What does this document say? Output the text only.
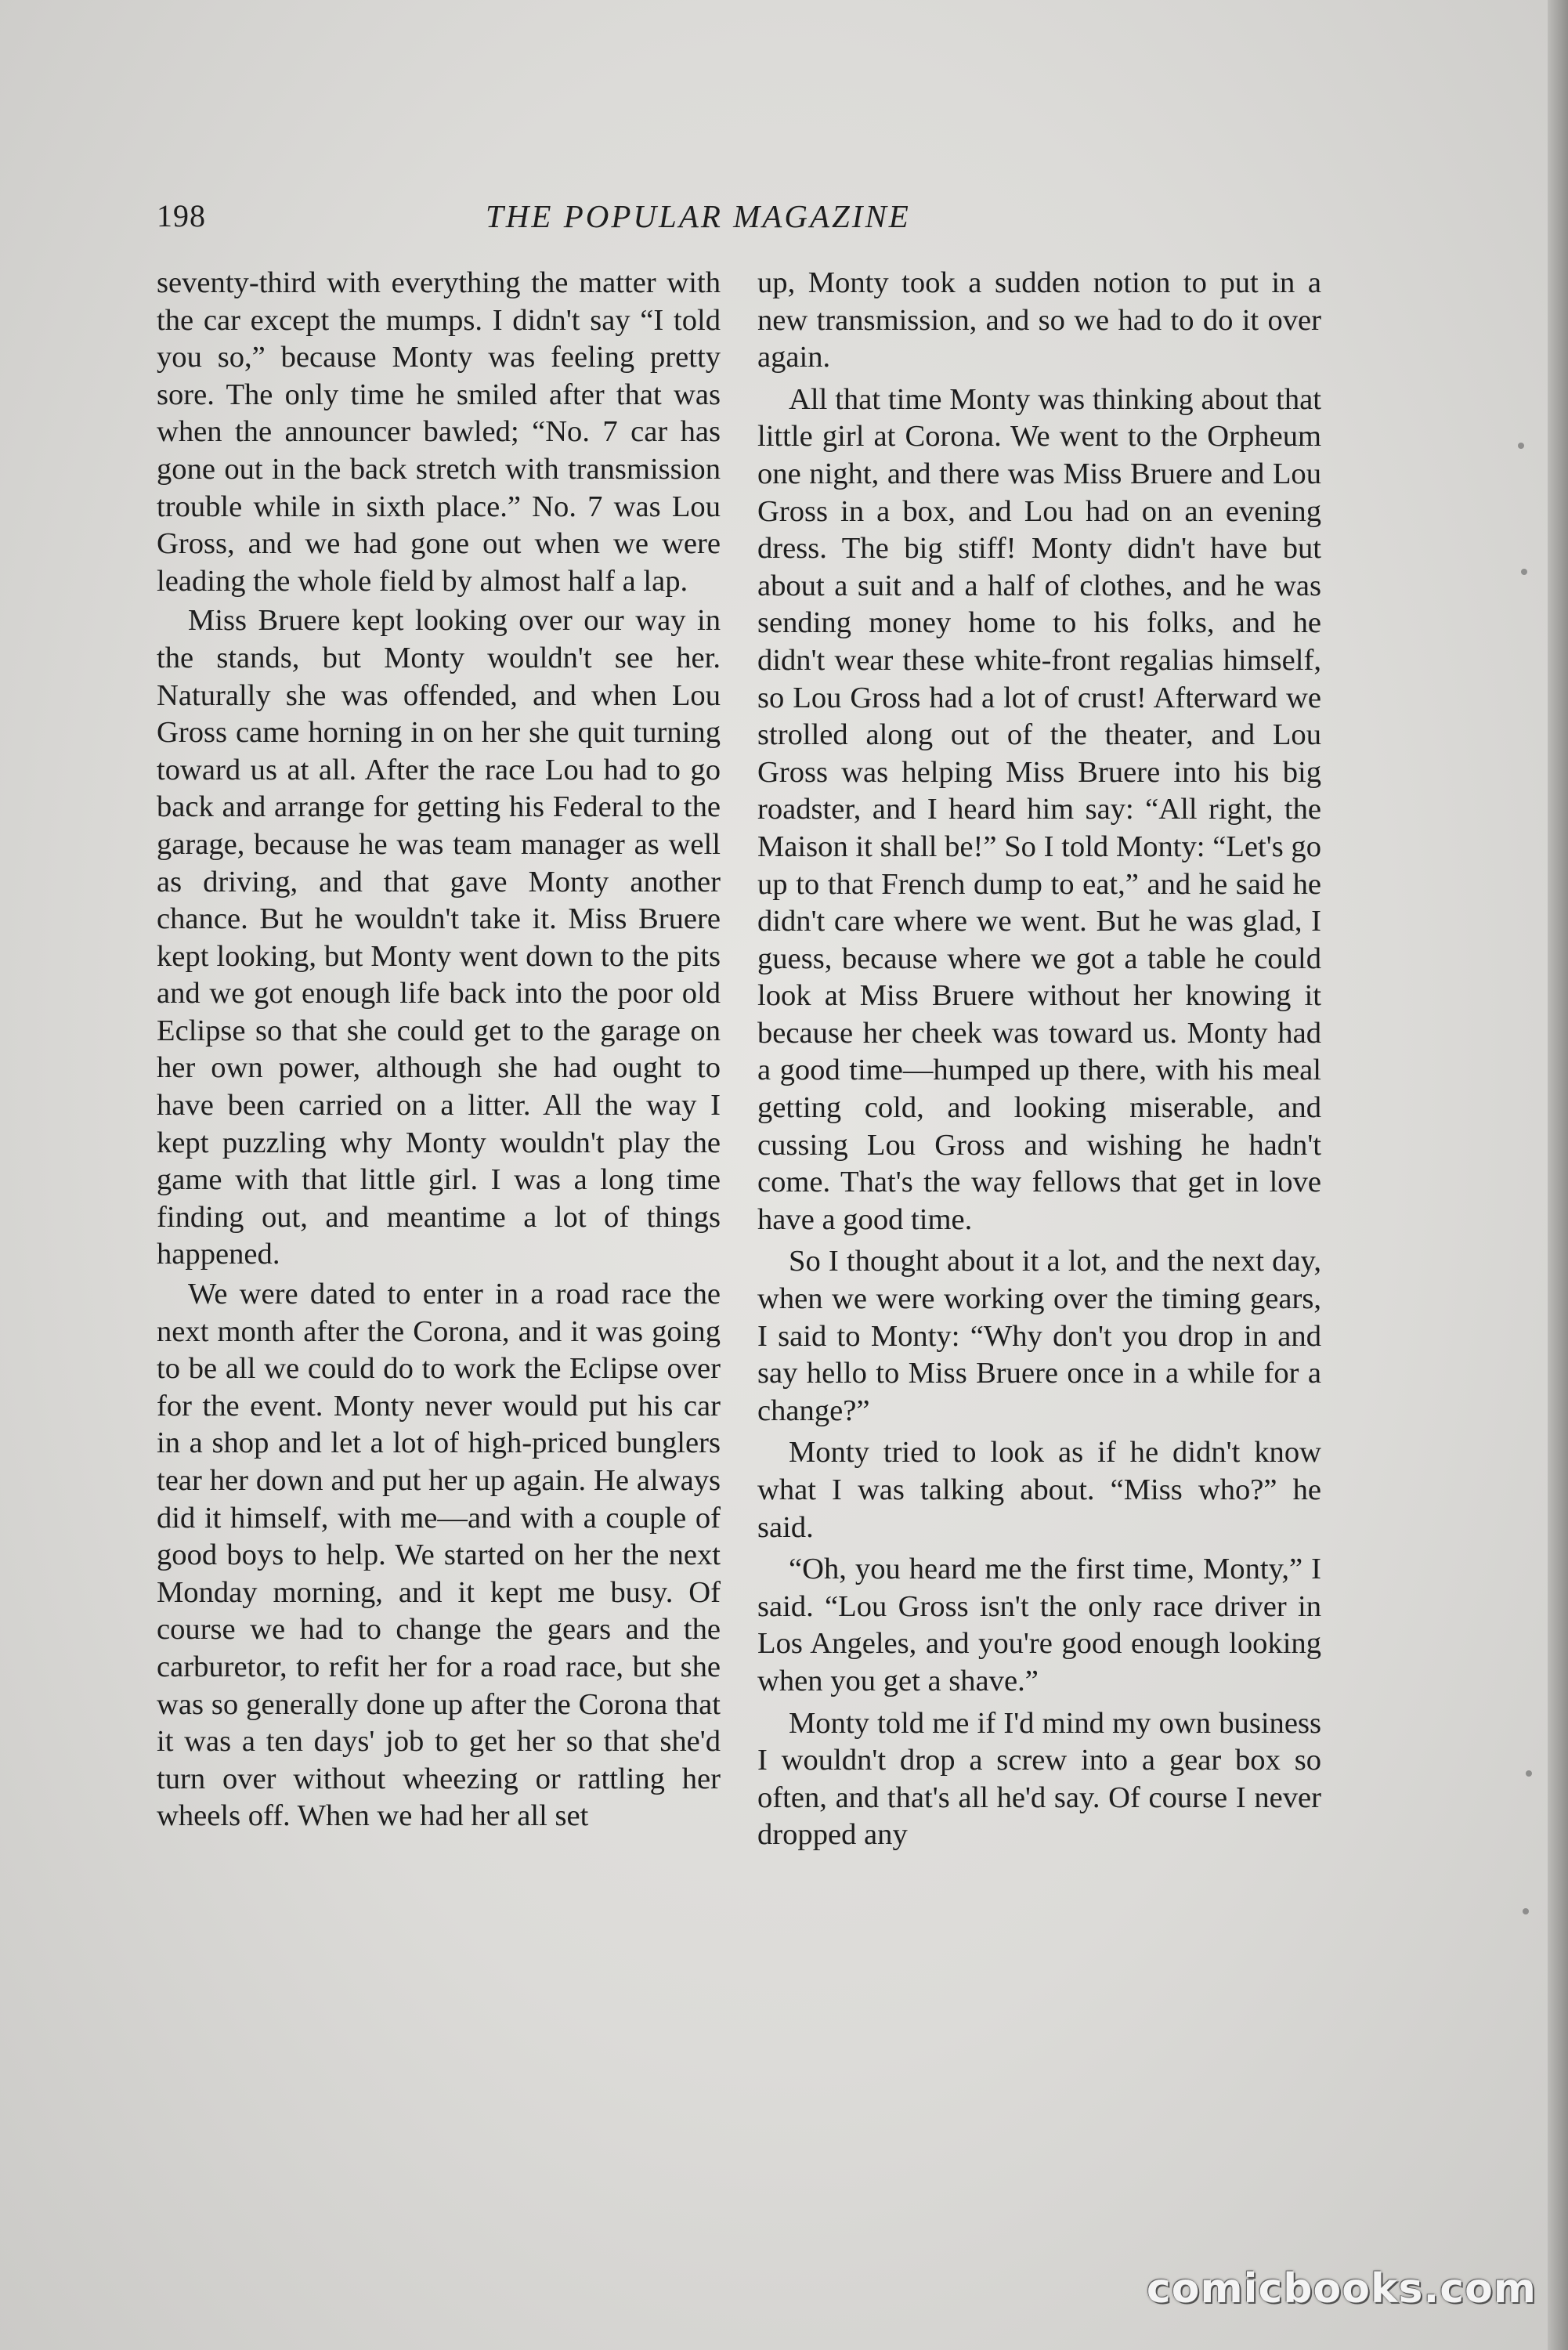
198	THE POPULAR MAGAZINE

seventy-third with everything the matter with the car except the mumps. I didn't say “I told you so,” because Monty was feeling pretty sore. The only time he smiled after that was when the announcer bawled; “No. 7 car has gone out in the back stretch with transmission trouble while in sixth place.” No. 7 was Lou Gross, and we had gone out when we were leading the whole field by almost half a lap.

Miss Bruere kept looking over our way in the stands, but Monty wouldn't see her. Naturally she was offended, and when Lou Gross came horning in on her she quit turning toward us at all. After the race Lou had to go back and arrange for getting his Federal to the garage, because he was team manager as well as driving, and that gave Monty another chance. But he wouldn't take it. Miss Bruere kept looking, but Monty went down to the pits and we got enough life back into the poor old Eclipse so that she could get to the garage on her own power, although she had ought to have been carried on a litter. All the way I kept puzzling why Monty wouldn't play the game with that little girl. I was a long time finding out, and meantime a lot of things happened.

We were dated to enter in a road race the next month after the Corona, and it was going to be all we could do to work the Eclipse over for the event. Monty never would put his car in a shop and let a lot of high-priced bunglers tear her down and put her up again. He always did it himself, with me—and with a couple of good boys to help. We started on her the next Monday morning, and it kept me busy. Of course we had to change the gears and the carburetor, to refit her for a road race, but she was so generally done up after the Corona that it was a ten days' job to get her so that she'd turn over without wheezing or rattling her wheels off. When we had her all set

up, Monty took a sudden notion to put in a new transmission, and so we had to do it over again.

All that time Monty was thinking about that little girl at Corona. We went to the Orpheum one night, and there was Miss Bruere and Lou Gross in a box, and Lou had on an evening dress. The big stiff! Monty didn't have but about a suit and a half of clothes, and he was sending money home to his folks, and he didn't wear these white-front regalias himself, so Lou Gross had a lot of crust! Afterward we strolled along out of the theater, and Lou Gross was helping Miss Bruere into his big roadster, and I heard him say: “All right, the Maison it shall be!” So I told Monty: “Let's go up to that French dump to eat,” and he said he didn't care where we went. But he was glad, I guess, because where we got a table he could look at Miss Bruere without her knowing it because her cheek was toward us. Monty had a good time—humped up there, with his meal getting cold, and looking miserable, and cussing Lou Gross and wishing he hadn't come. That's the way fellows that get in love have a good time.

So I thought about it a lot, and the next day, when we were working over the timing gears, I said to Monty: “Why don't you drop in and say hello to Miss Bruere once in a while for a change?”

Monty tried to look as if he didn't know what I was talking about. “Miss who?” he said.

“Oh, you heard me the first time, Monty,” I said. “Lou Gross isn't the only race driver in Los Angeles, and you're good enough looking when you get a shave.”

Monty told me if I'd mind my own business I wouldn't drop a screw into a gear box so often, and that's all he'd say. Of course I never dropped any

comicbooks.com
